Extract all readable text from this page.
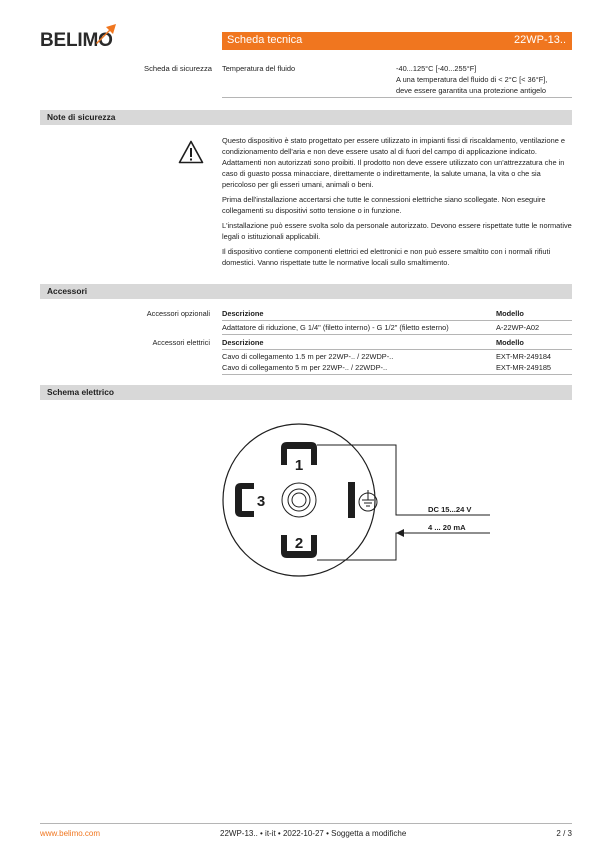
BELIMO	Scheda tecnica	22WP-13..
Scheda di sicurezza Temperatura del fluido	-40...125°C [-40...255°F]
A una temperatura del fluido di < 2°C [< 36°F],
deve essere garantita una protezione antigelo
Note di sicurezza

Questo dispositivo è stato progettato per essere utilizzato in impianti fissi di riscaldamento, ventilazione e condizionamento dell'aria e non deve essere usato al di fuori del campo di applicazione indicato. Adattamenti non autorizzati sono proibiti. Il prodotto non deve essere utilizzato con un'attrezzatura che in caso di guasto possa minacciare, direttamente o indirettamente, la salute umana, la vita o che sia pericoloso per gli esseri umani, animali o beni.

Prima dell'installazione accertarsi che tutte le connessioni elettriche siano scollegate. Non eseguire collegamenti su dispositivi sotto tensione o in funzione.

L'installazione può essere svolta solo da personale autorizzato. Devono essere rispettate tutte le normative legali o istituzionali applicabili.

Il dispositivo contiene componenti elettrici ed elettronici e non può essere smaltito con i normali rifiuti domestici. Vanno rispettate tutte le normative locali sullo smaltimento.

Accessori
Accessori opzionali Descrizione	Modello
Adattatore di riduzione, G 1/4" (filetto interno) - G 1/2" (filetto esterno)	A-22WP-A02
Accessori elettrici Descrizione	Modello
Cavo di collegamento 1.5 m per 22WP-.. / 22WDP-..	EXT-MR-249184
Cavo di collegamento 5 m per 22WP-.. / 22WDP-..	EXT-MR-249185
Schema elettrico
1
2
3	DC 15...24 V
4 ... 20 mA
www.belimo.com	22WP-13.. • it-it • 2022-10-27 • Soggetta a modifiche	2 / 3
